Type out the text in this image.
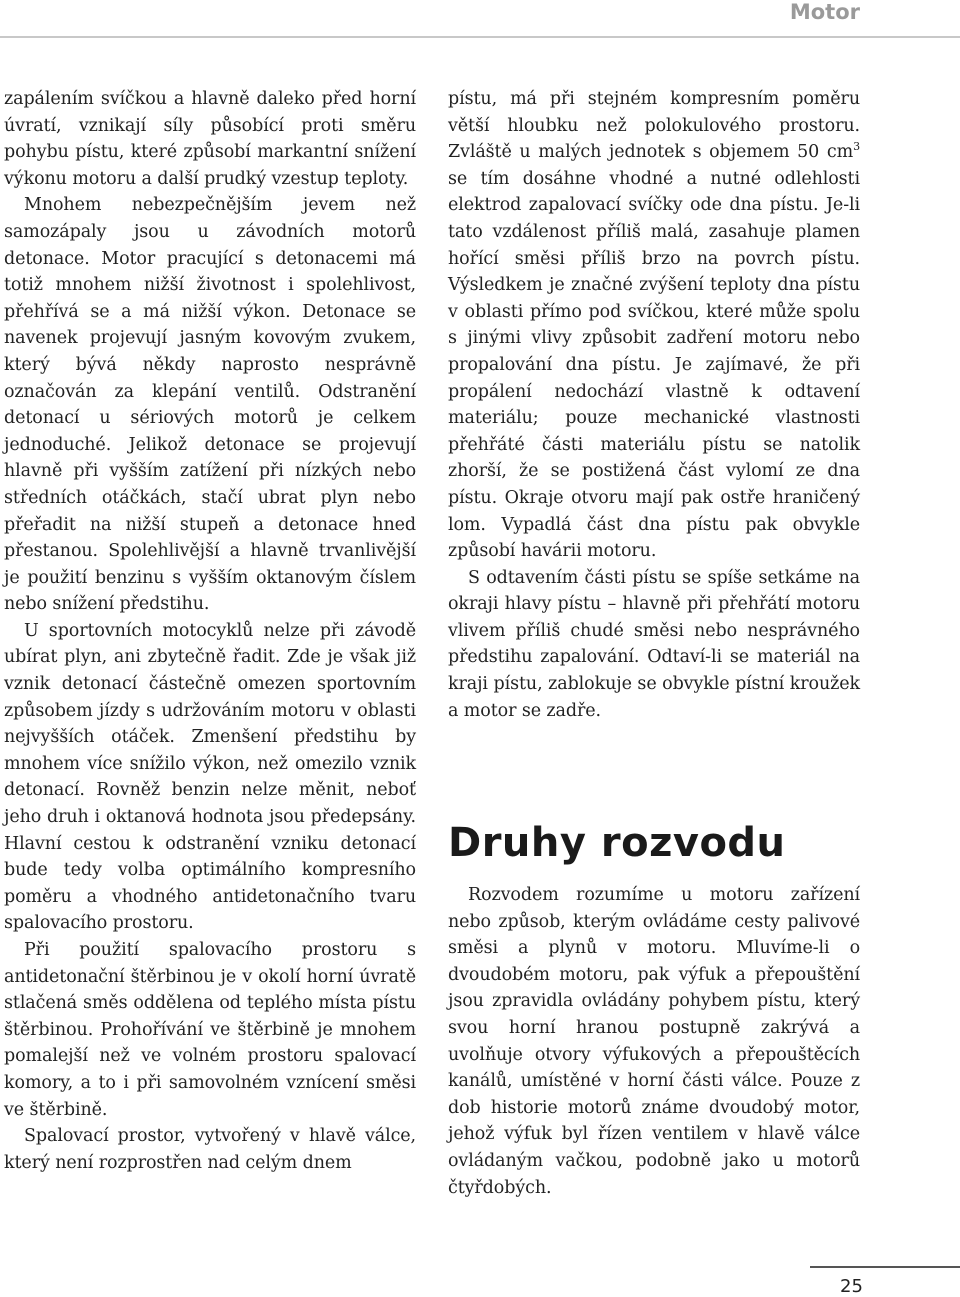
Motor

zapálením svíčkou a hlavně daleko před horní úvratí, vznikají síly působící proti směru pohybu pístu, které způsobí markantní snížení výkonu motoru a další prudký vzestup teploty.

Mnohem nebezpečnějším jevem než samozápaly jsou u závodních motorů detonace. Motor pracující s detonacemi má totiž mnohem nižší životnost i spolehlivost, přehřívá se a má nižší výkon. Detonace se navenek projevují jasným kovovým zvukem, který bývá někdy naprosto nesprávně označován za klepání ventilů. Odstranění detonací u sériových motorů je celkem jednoduché. Jelikož detonace se projevují hlavně při vyšším zatížení při nízkých nebo středních otáčkách, stačí ubrat plyn nebo přeřadit na nižší stupeň a detonace hned přestanou. Spolehlivější a hlavně trvanlivější je použití benzinu s vyšším oktanovým číslem nebo snížení předstihu.

U sportovních motocyklů nelze při závodě ubírat plyn, ani zbytečně řadit. Zde je však již vznik detonací částečně omezen sportovním způsobem jízdy s udržováním motoru v oblasti nejvyšších otáček. Zmenšení předstihu by mnohem více snížilo výkon, než omezilo vznik detonací. Rovněž benzin nelze měnit, neboť jeho druh i oktanová hodnota jsou předepsány. Hlavní cestou k odstranění vzniku detonací bude tedy volba optimálního kompresního poměru a vhodného antidetonačního tvaru spalovacího prostoru.

Při použití spalovacího prostoru s antidetonační štěrbinou je v okolí horní úvratě stlačená směs oddělena od teplého místa pístu štěrbinou. Prohořívání ve štěrbině je mnohem pomalejší než ve volném prostoru spalovací komory, a to i při samovolném vznícení směsi ve štěrbině.

Spalovací prostor, vytvořený v hlavě válce, který není rozprostřen nad celým dnem

pístu, má při stejném kompresním poměru větší hloubku než polokulového prostoru. Zvláště u malých jednotek s objemem 50 $cm^3$ se tím dosáhne vhodné a nutné odlehlosti elektrod zapalovací svíčky ode dna pístu. Je-li tato vzdálenost příliš malá, zasahuje plamen hořící směsi příliš brzo na povrch pístu. Výsledkem je značné zvýšení teploty dna pístu v oblasti přímo pod svíčkou, které může spolu s jinými vlivy způsobit zadření motoru nebo propalování dna pístu. Je zajímavé, že při propálení nedochází vlastně k odtavení materiálu; pouze mechanické vlastnosti přehřáté části materiálu pístu se natolik zhorší, že se postižená část vylomí ze dna pístu. Okraje otvoru mají pak ostře hraničený lom. Vypadlá část dna pístu pak obvykle způsobí havárii motoru.

S odtavením části pístu se spíše setkáme na okraji hlavy pístu – hlavně při přehřátí motoru vlivem příliš chudé směsi nebo nesprávného předstihu zapalování. Odtaví-li se materiál na kraji pístu, zablokuje se obvykle pístní kroužek a motor se zadře.

Druhy rozvodu

Rozvodem rozumíme u motoru zařízení nebo způsob, kterým ovládáme cesty palivové směsi a plynů v motoru. Mluvíme-li o dvoudobém motoru, pak výfuk a přepouštění jsou zpravidla ovládány pohybem pístu, který svou horní hranou postupně zakrývá a uvolňuje otvory výfukových a přepouštěcích kanálů, umístěné v horní části válce. Pouze z dob historie motorů známe dvoudobý motor, jehož výfuk byl řízen ventilem v hlavě válce ovládaným vačkou, podobně jako u motorů čtyřdobých.

25
